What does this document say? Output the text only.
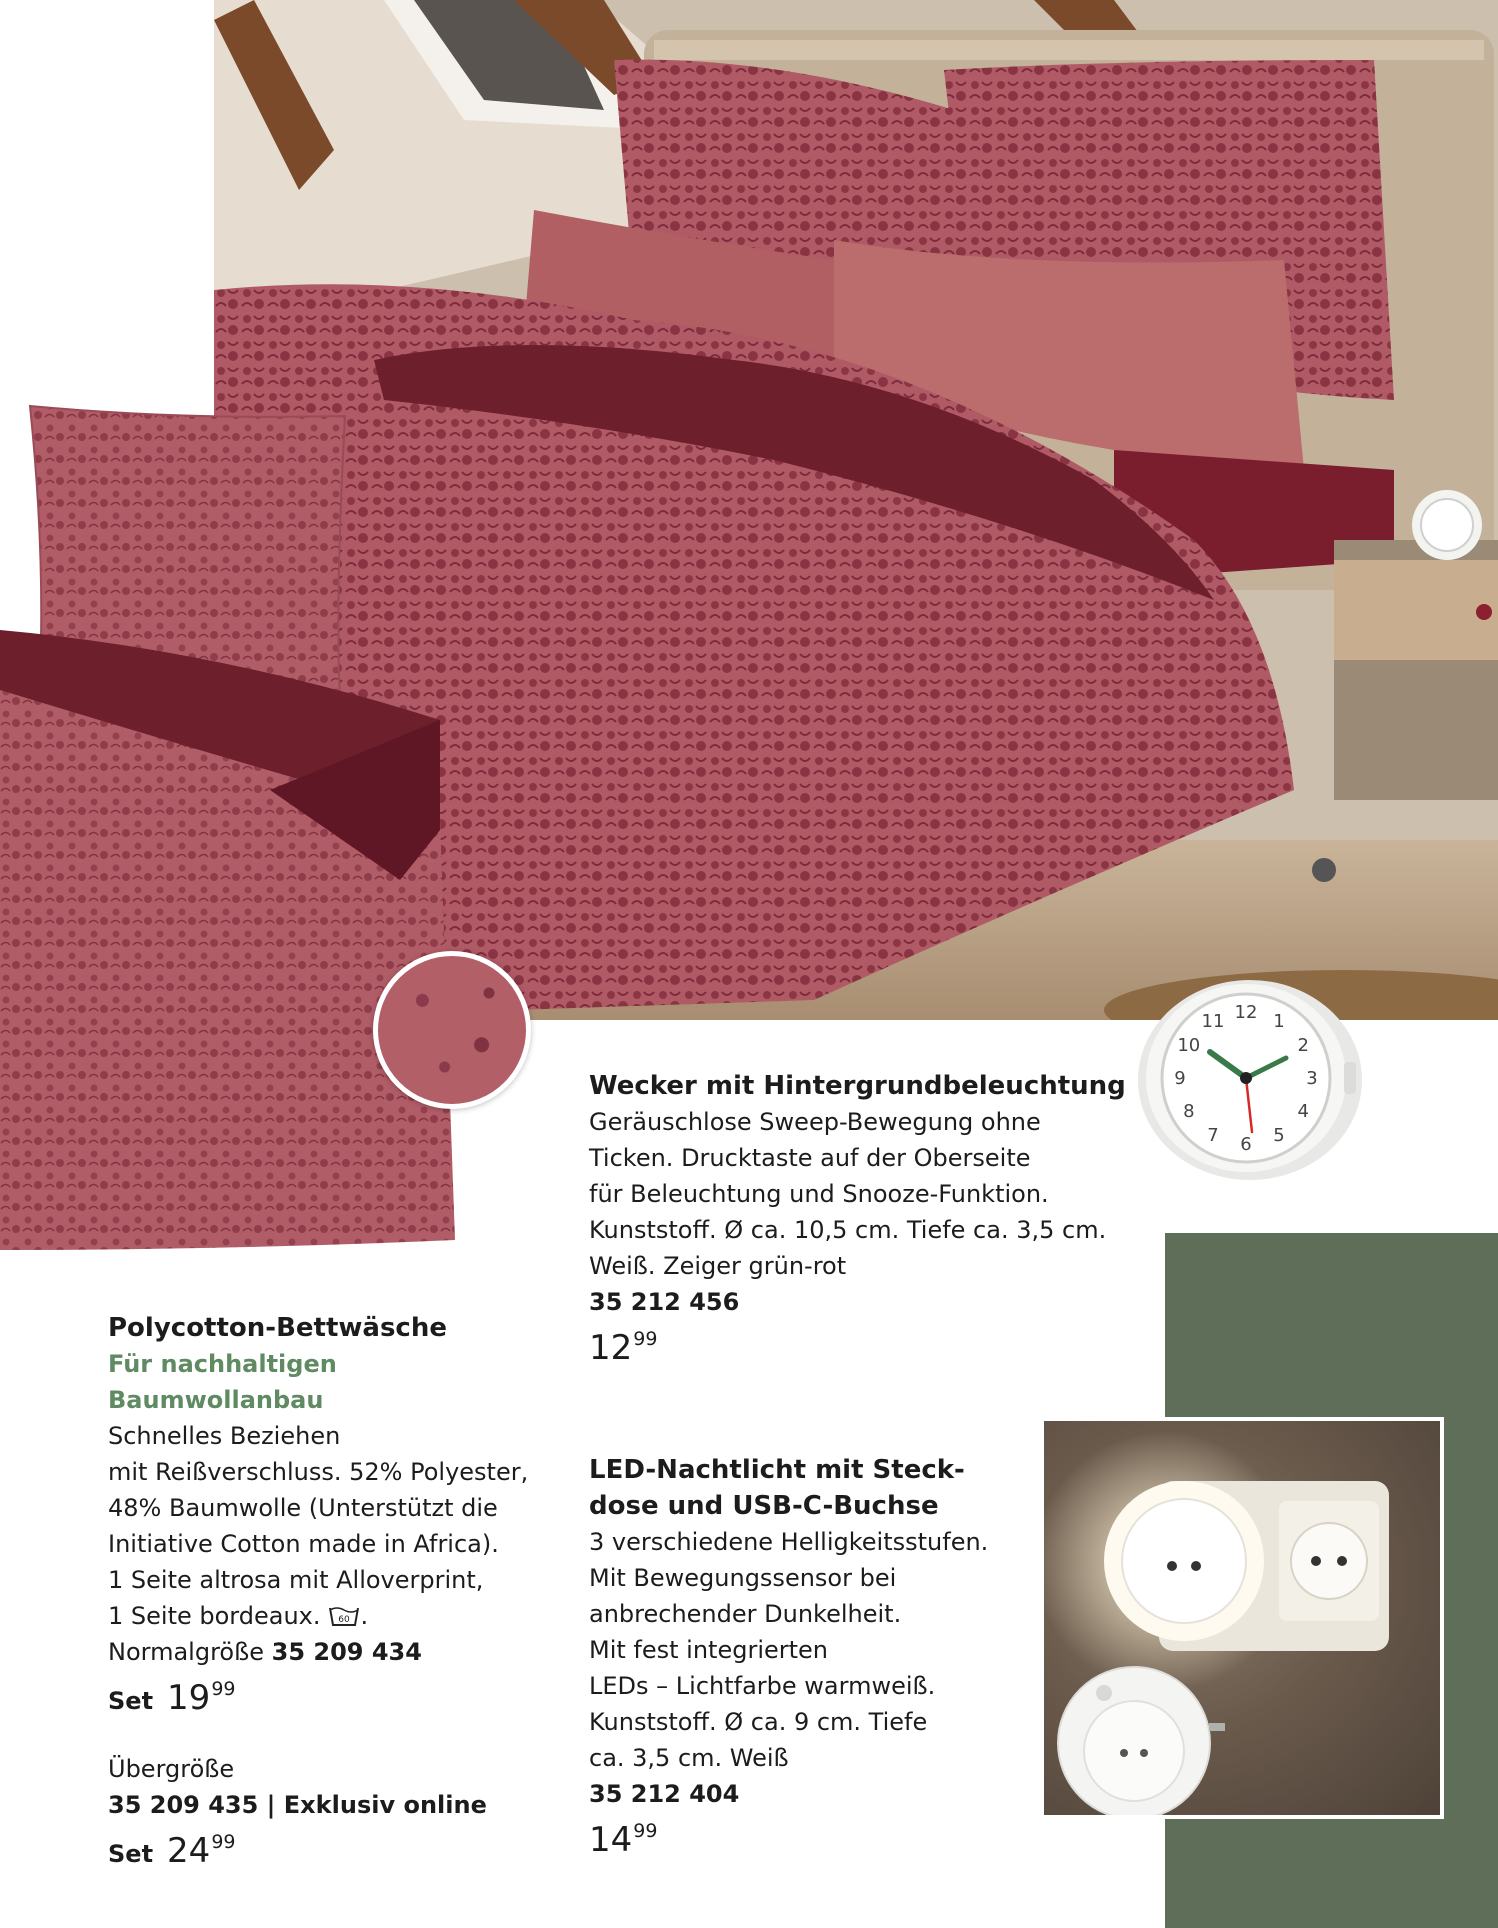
12 1
2
3
4
5
6
7
8
9
10
11
Polycotton-Bettwäsche
Für nachhaltigen
Baumwollanbau
Schnelles Beziehen
mit Reißverschluss. 52% Polyester,
48% Baumwolle (Unterstützt die
Initiative Cotton made in Africa).
1 Seite altrosa mit Alloverprint,
1 Seite bordeaux. 60 .
Normalgröße 35 209 434
Set 19 99
Übergröße
35 209 435 | Exklusiv online
Set 24 99
Wecker mit Hintergrundbeleuchtung
Geräuschlose Sweep-Bewegung ohne
Ticken. Drucktaste auf der Oberseite
für Beleuchtung und Snooze-Funktion.
Kunststoff. Ø ca. 10,5 cm. Tiefe ca. 3,5 cm.
Weiß. Zeiger grün-rot
35 212 456
12 99
LED-Nachtlicht mit Steck-
dose und USB-C-Buchse
3 verschiedene Helligkeitsstufen.
Mit Bewegungssensor bei
anbrechender Dunkelheit.
Mit fest integrierten
LEDs – Lichtfarbe warmweiß.
Kunststoff. Ø ca. 9 cm. Tiefe
ca. 3,5 cm. Weiß
35 212 404
14 99
